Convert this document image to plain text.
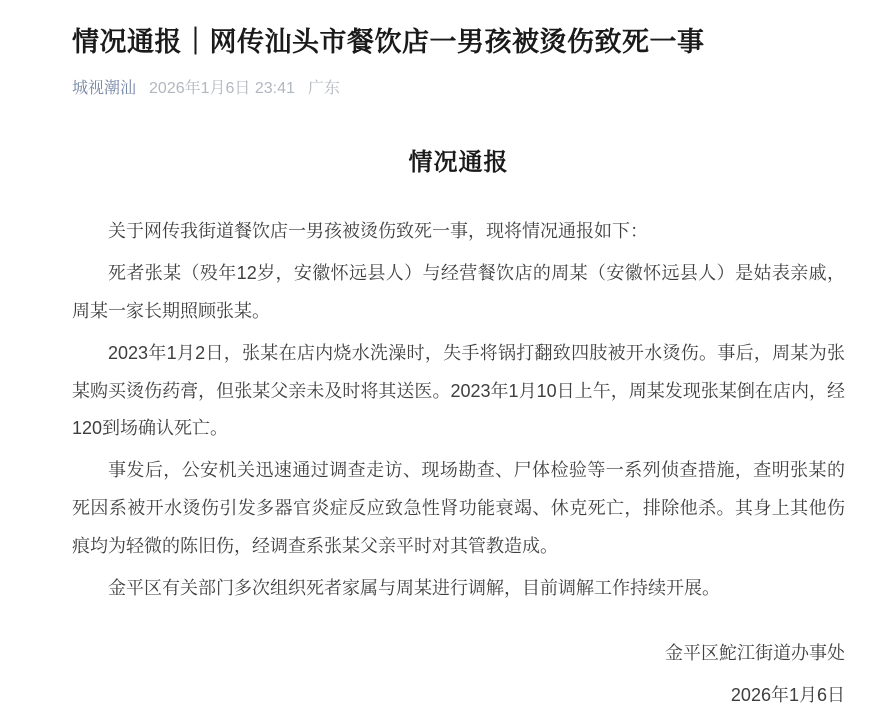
情况通报｜网传汕头市餐饮店一男孩被烫伤致死一事
城视潮汕 2026年1月6日 23:41 广东
情况通报

关于网传我街道餐饮店一男孩被烫伤致死一事，现将情况通报如下：

死者张某（殁年12岁，安徽怀远县人）与经营餐饮店的周某（安徽怀远县人）是姑表亲戚，周某一家长期照顾张某。

2023年1月2日，张某在店内烧水洗澡时，失手将锅打翻致四肢被开水烫伤。事后，周某为张某购买烫伤药膏，但张某父亲未及时将其送医。2023年1月10日上午，周某发现张某倒在店内，经120到场确认死亡。

事发后，公安机关迅速通过调查走访、现场勘查、尸体检验等一系列侦查措施，查明张某的死因系被开水烫伤引发多器官炎症反应致急性肾功能衰竭、休克死亡，排除他杀。其身上其他伤痕均为轻微的陈旧伤，经调查系张某父亲平时对其管教造成。

金平区有关部门多次组织死者家属与周某进行调解，目前调解工作持续开展。

金平区鮀江街道办事处
2026年1月6日
